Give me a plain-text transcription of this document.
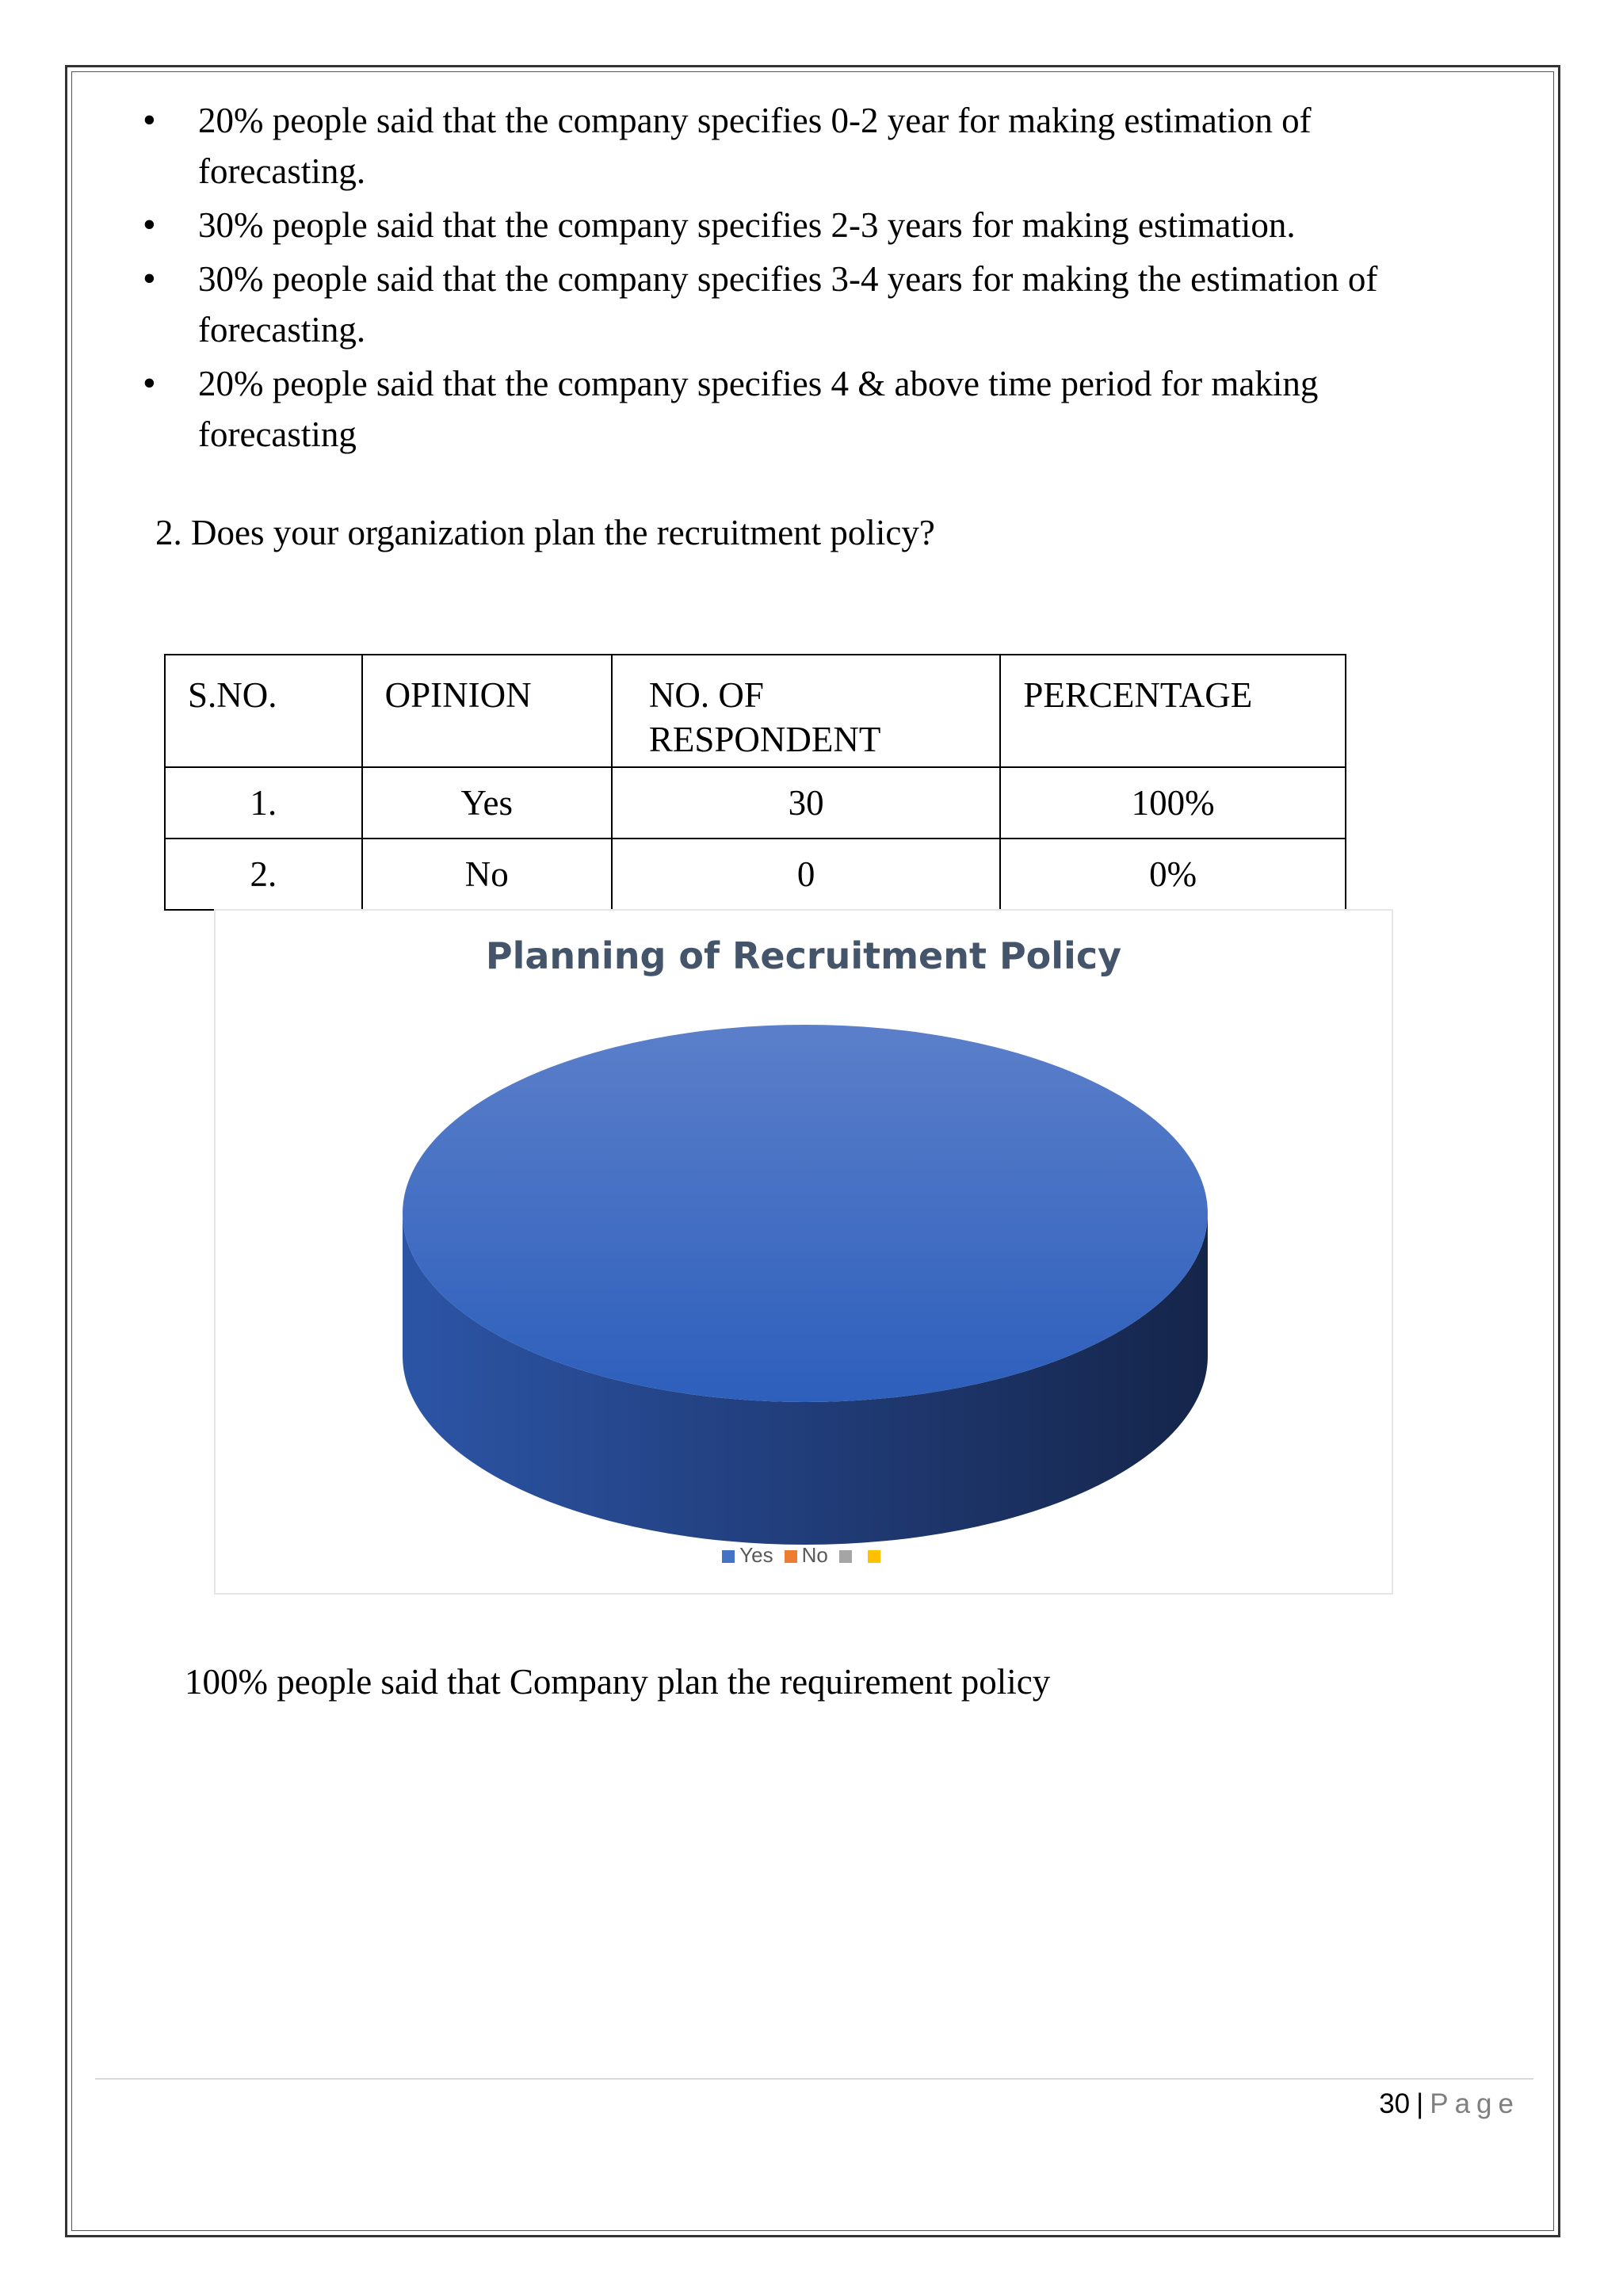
• 20% people said that the company specifies 0-2 year for making estimation of forecasting.
• 30% people said that the company specifies 2-3 years for making estimation.
• 30% people said that the company specifies 3-4 years for making the estimation of forecasting.
• 20% people said that the company specifies 4 & above time period for making forecasting
2. Does your organization plan the recruitment policy?
S.NO.	OPINION	NO. OF RESPONDENT	PERCENTAGE
1.	Yes	30	100%
2.	No	0	0%
Planning of Recruitment Policy
Yes No
100% people said that Company plan the requirement policy
30 | Page
